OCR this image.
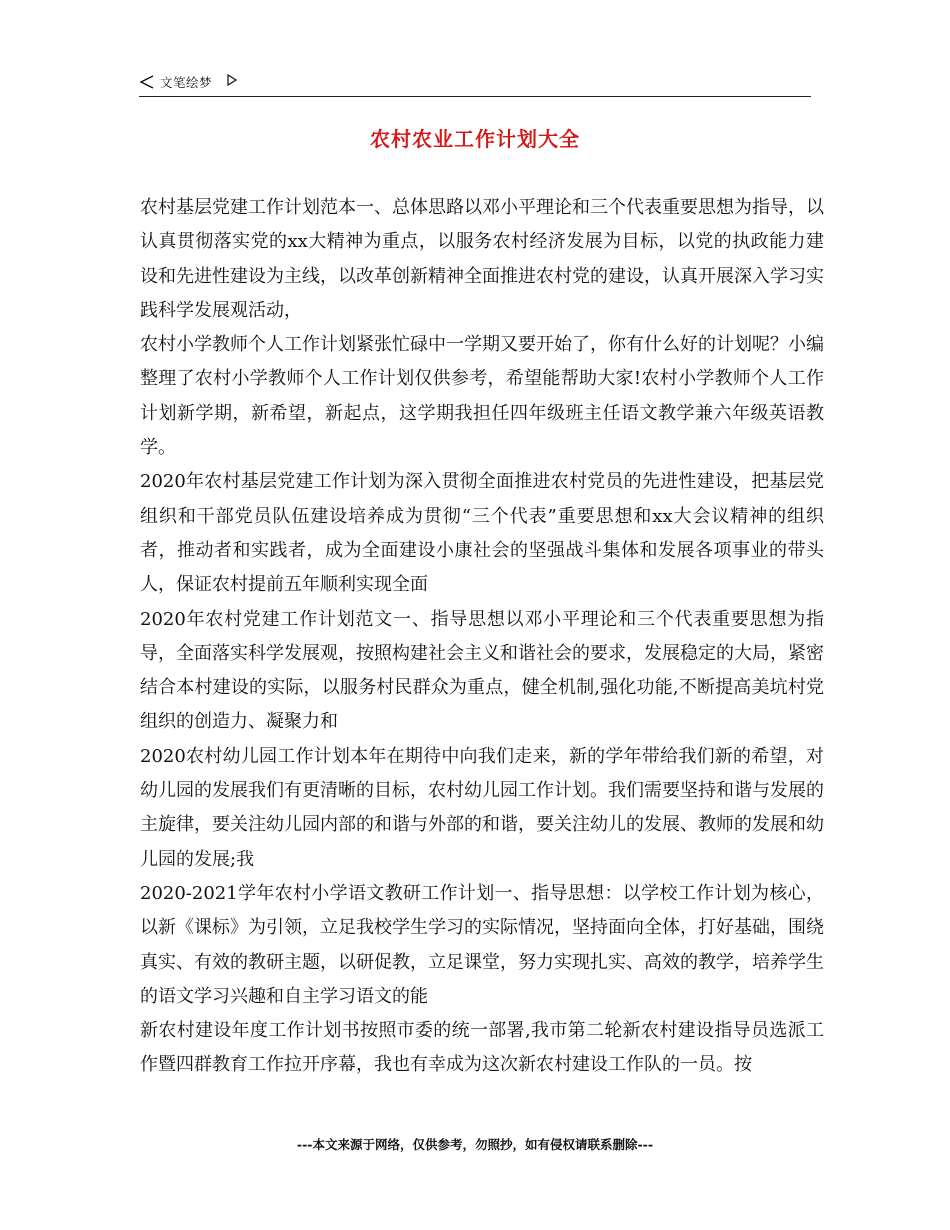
文笔绘梦
农村农业工作计划大全

农村基层党建工作计划范本一、总体思路以邓小平理论和三个代表重要思想为指导，以认真贯彻落实党的xx大精神为重点，以服务农村经济发展为目标，以党的执政能力建设和先进性建设为主线，以改革创新精神全面推进农村党的建设，认真开展深入学习实践科学发展观活动，

农村小学教师个人工作计划紧张忙碌中一学期又要开始了，你有什么好的计划呢？小编整理了农村小学教师个人工作计划仅供参考，希望能帮助大家!农村小学教师个人工作计划新学期，新希望，新起点，这学期我担任四年级班主任语文教学兼六年级英语教学。

2020年农村基层党建工作计划为深入贯彻全面推进农村党员的先进性建设，把基层党组织和干部党员队伍建设培养成为贯彻“三个代表”重要思想和xx大会议精神的组织者，推动者和实践者，成为全面建设小康社会的坚强战斗集体和发展各项事业的带头人，保证农村提前五年顺利实现全面

2020年农村党建工作计划范文一、指导思想以邓小平理论和三个代表重要思想为指导，全面落实科学发展观，按照构建社会主义和谐社会的要求，发展稳定的大局，紧密结合本村建设的实际，以服务村民群众为重点，健全机制,强化功能,不断提高美坑村党组织的创造力、凝聚力和

2020农村幼儿园工作计划本年在期待中向我们走来，新的学年带给我们新的希望，对幼儿园的发展我们有更清晰的目标，农村幼儿园工作计划。我们需要坚持和谐与发展的主旋律，要关注幼儿园内部的和谐与外部的和谐，要关注幼儿的发展、教师的发展和幼儿园的发展;我

2020-2021学年农村小学语文教研工作计划一、指导思想：以学校工作计划为核心，以新《课标》为引领，立足我校学生学习的实际情况，坚持面向全体，打好基础，围绕真实、有效的教研主题，以研促教，立足课堂，努力实现扎实、高效的教学，培养学生的语文学习兴趣和自主学习语文的能

新农村建设年度工作计划书按照市委的统一部署,我市第二轮新农村建设指导员选派工作暨四群教育工作拉开序幕，我也有幸成为这次新农村建设工作队的一员。按

---本文来源于网络，仅供参考，勿照抄，如有侵权请联系删除---
